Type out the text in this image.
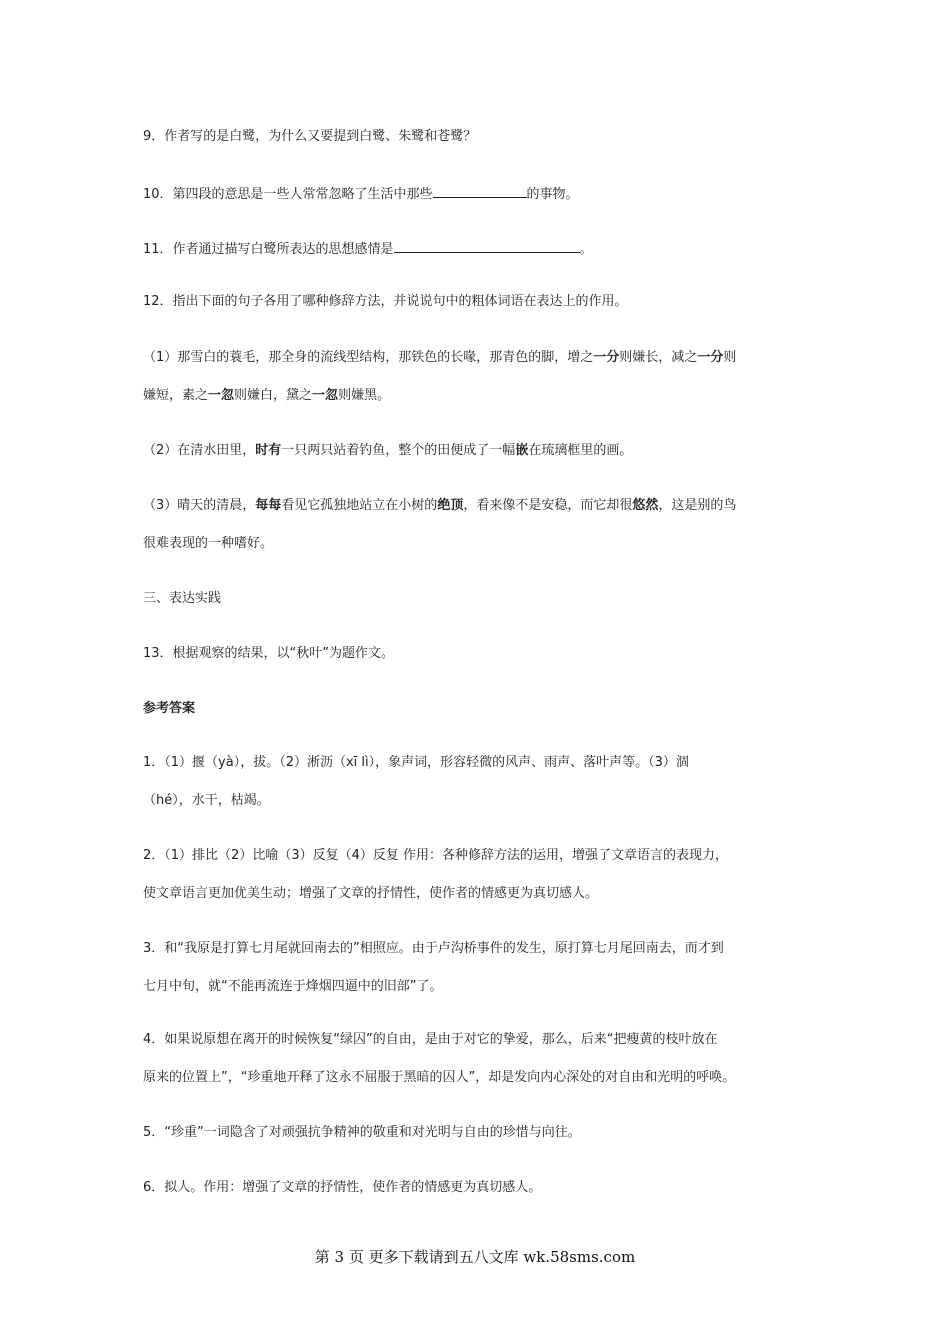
9．作者写的是白鹭，为什么又要提到白鹭、朱鹭和苍鹭？
10．第四段的意思是一些人常常忽略了生活中那些	的事物。
11．作者通过描写白鹭所表达的思想感情是	。
12．指出下面的句子各用了哪种修辞方法，并说说句中的粗体词语在表达上的作用。
（1）那雪白的蓑毛，那全身的流线型结构，那铁色的长喙，那青色的脚，增之一分则嫌长，减之一分则
嫌短，素之一忽则嫌白，黛之一忽则嫌黑。
（2）在清水田里，时有一只两只站着钓鱼，整个的田便成了一幅嵌在琉璃框里的画。
（3）晴天的清晨，每每看见它孤独地站立在小树的绝顶，看来像不是安稳，而它却很悠然，这是别的鸟
很难表现的一种嗜好。
三、表达实践
13．根据观察的结果，以“秋叶”为题作文。
参考答案
1．（1）揠（yà），拔。（2）淅沥（xī lì），象声词，形容轻微的风声、雨声、落叶声等。（3）涸
（hé），水干，枯竭。
2．（1）排比（2）比喻（3）反复（4）反复 作用：各种修辞方法的运用，增强了文章语言的表现力，
使文章语言更加优美生动；增强了文章的抒情性，使作者的情感更为真切感人。
3．和“我原是打算七月尾就回南去的”相照应。由于卢沟桥事件的发生，原打算七月尾回南去，而才到
七月中旬，就“不能再流连于烽烟四逼中的旧部”了。
4．如果说原想在离开的时候恢复“绿囚”的自由，是由于对它的挚爱，那么，后来“把瘦黄的枝叶放在
原来的位置上”，“珍重地开释了这永不屈服于黑暗的囚人”，却是发向内心深处的对自由和光明的呼唤。
5．“珍重”一词隐含了对顽强抗争精神的敬重和对光明与自由的珍惜与向往。
6．拟人。作用：增强了文章的抒情性，使作者的情感更为真切感人。
第 3 页 更多下载请到五八文库 wk.58sms.com
